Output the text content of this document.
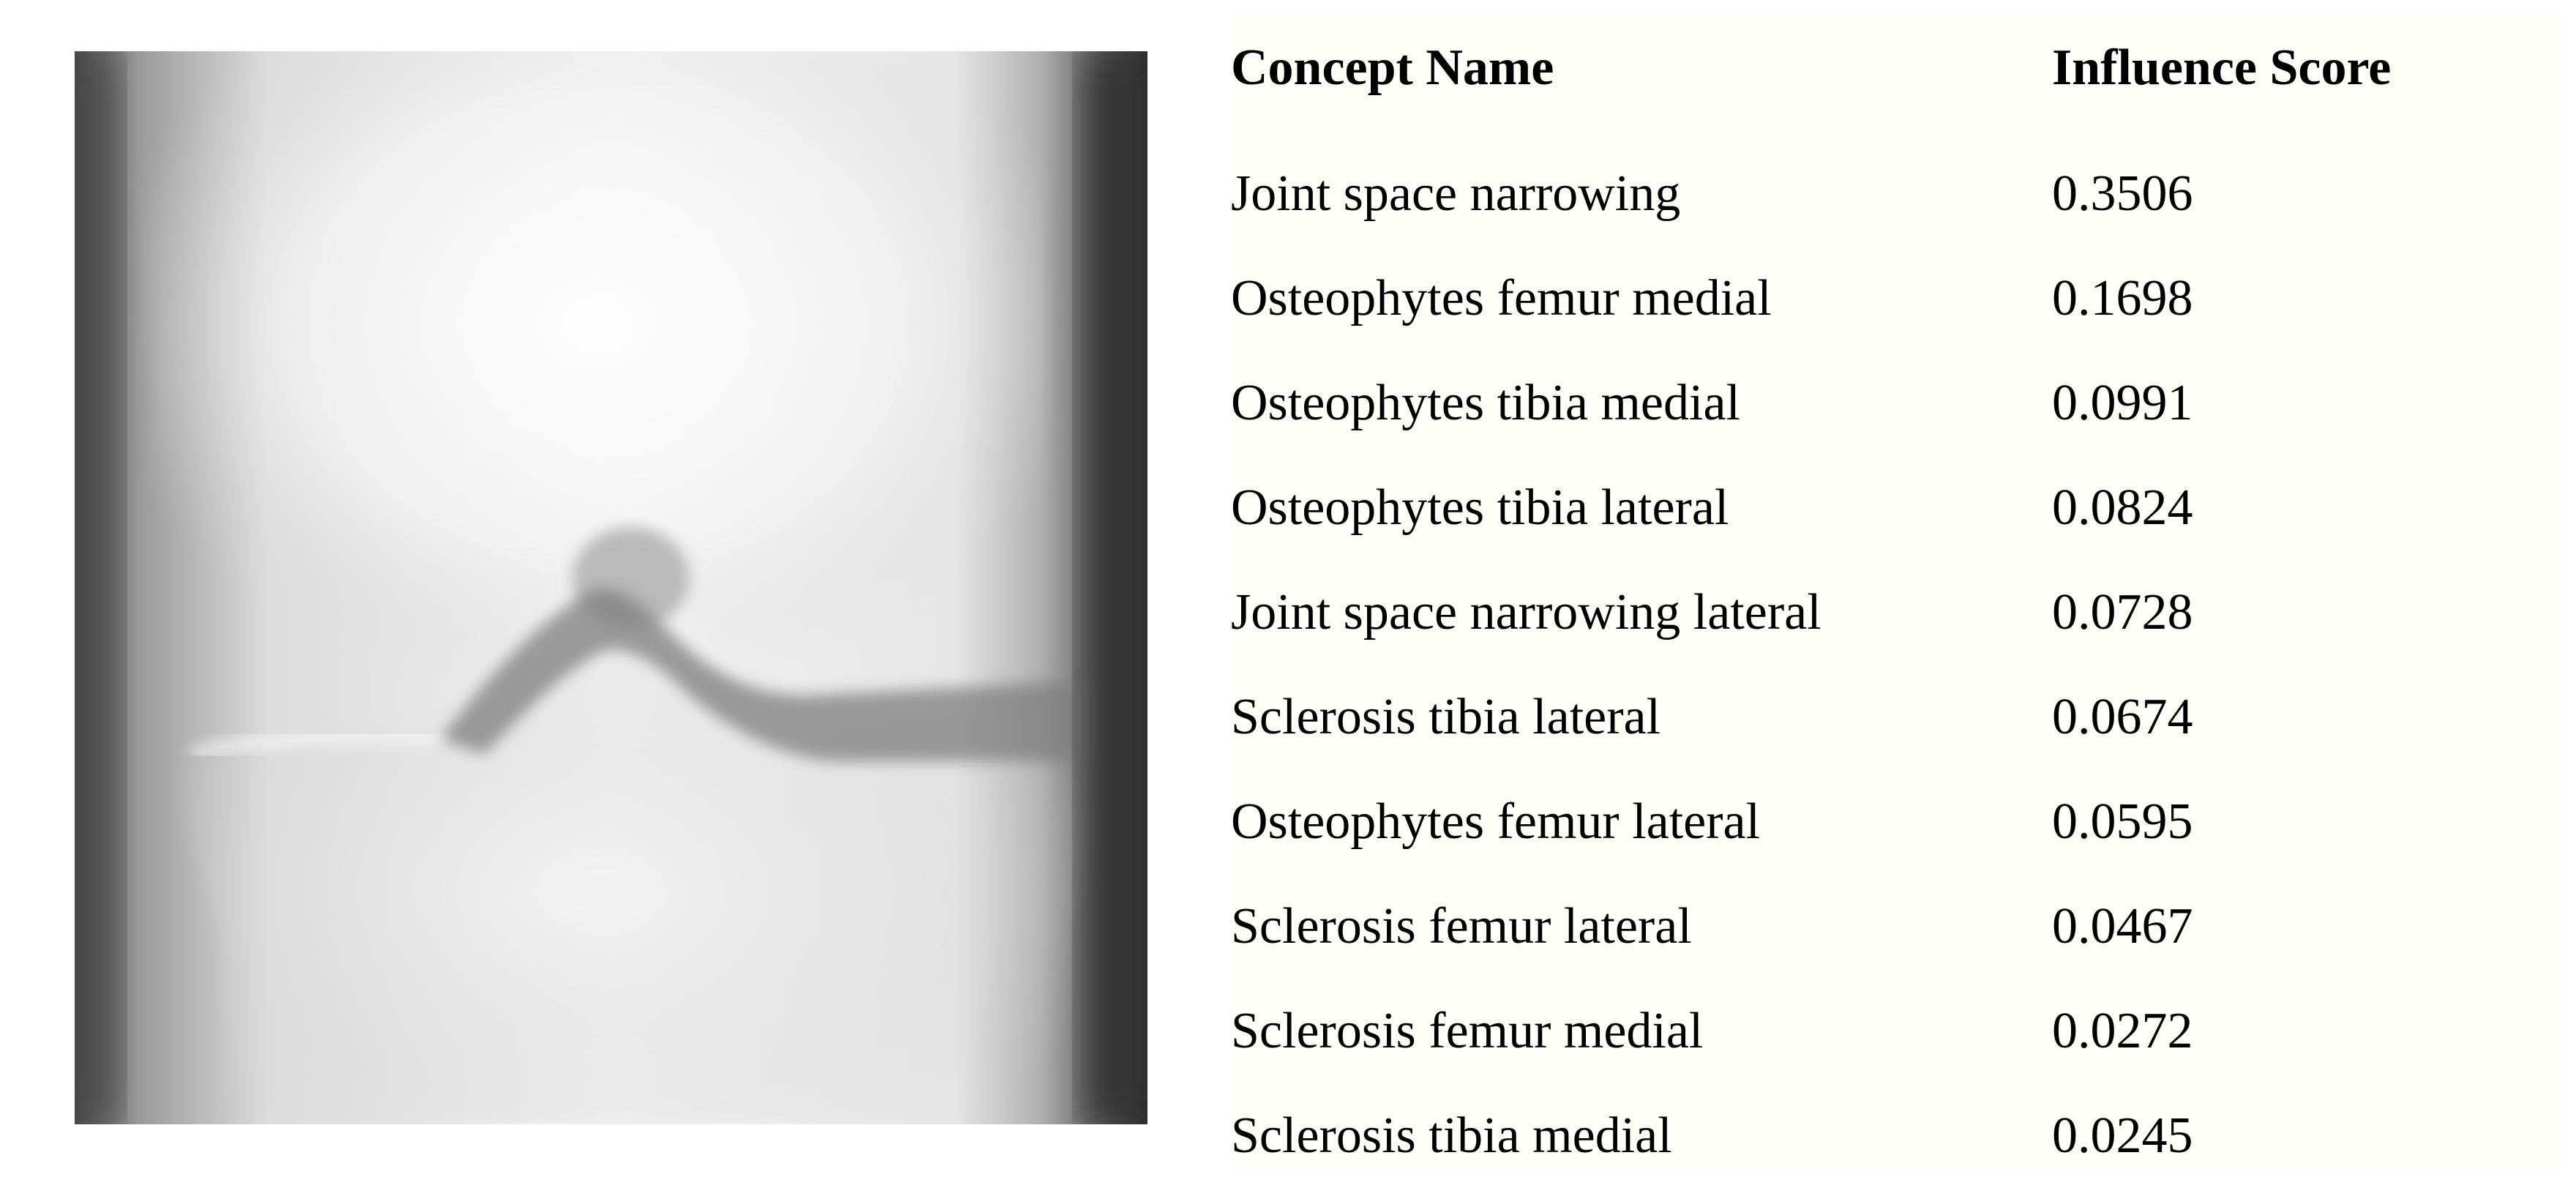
Concept Name	Influence Score
Joint space narrowing	0.3506
Osteophytes femur medial	0.1698
Osteophytes tibia medial	0.0991
Osteophytes tibia lateral	0.0824
Joint space narrowing lateral	0.0728
Sclerosis tibia lateral	0.0674
Osteophytes femur lateral	0.0595
Sclerosis femur lateral	0.0467
Sclerosis femur medial	0.0272
Sclerosis tibia medial	0.0245
